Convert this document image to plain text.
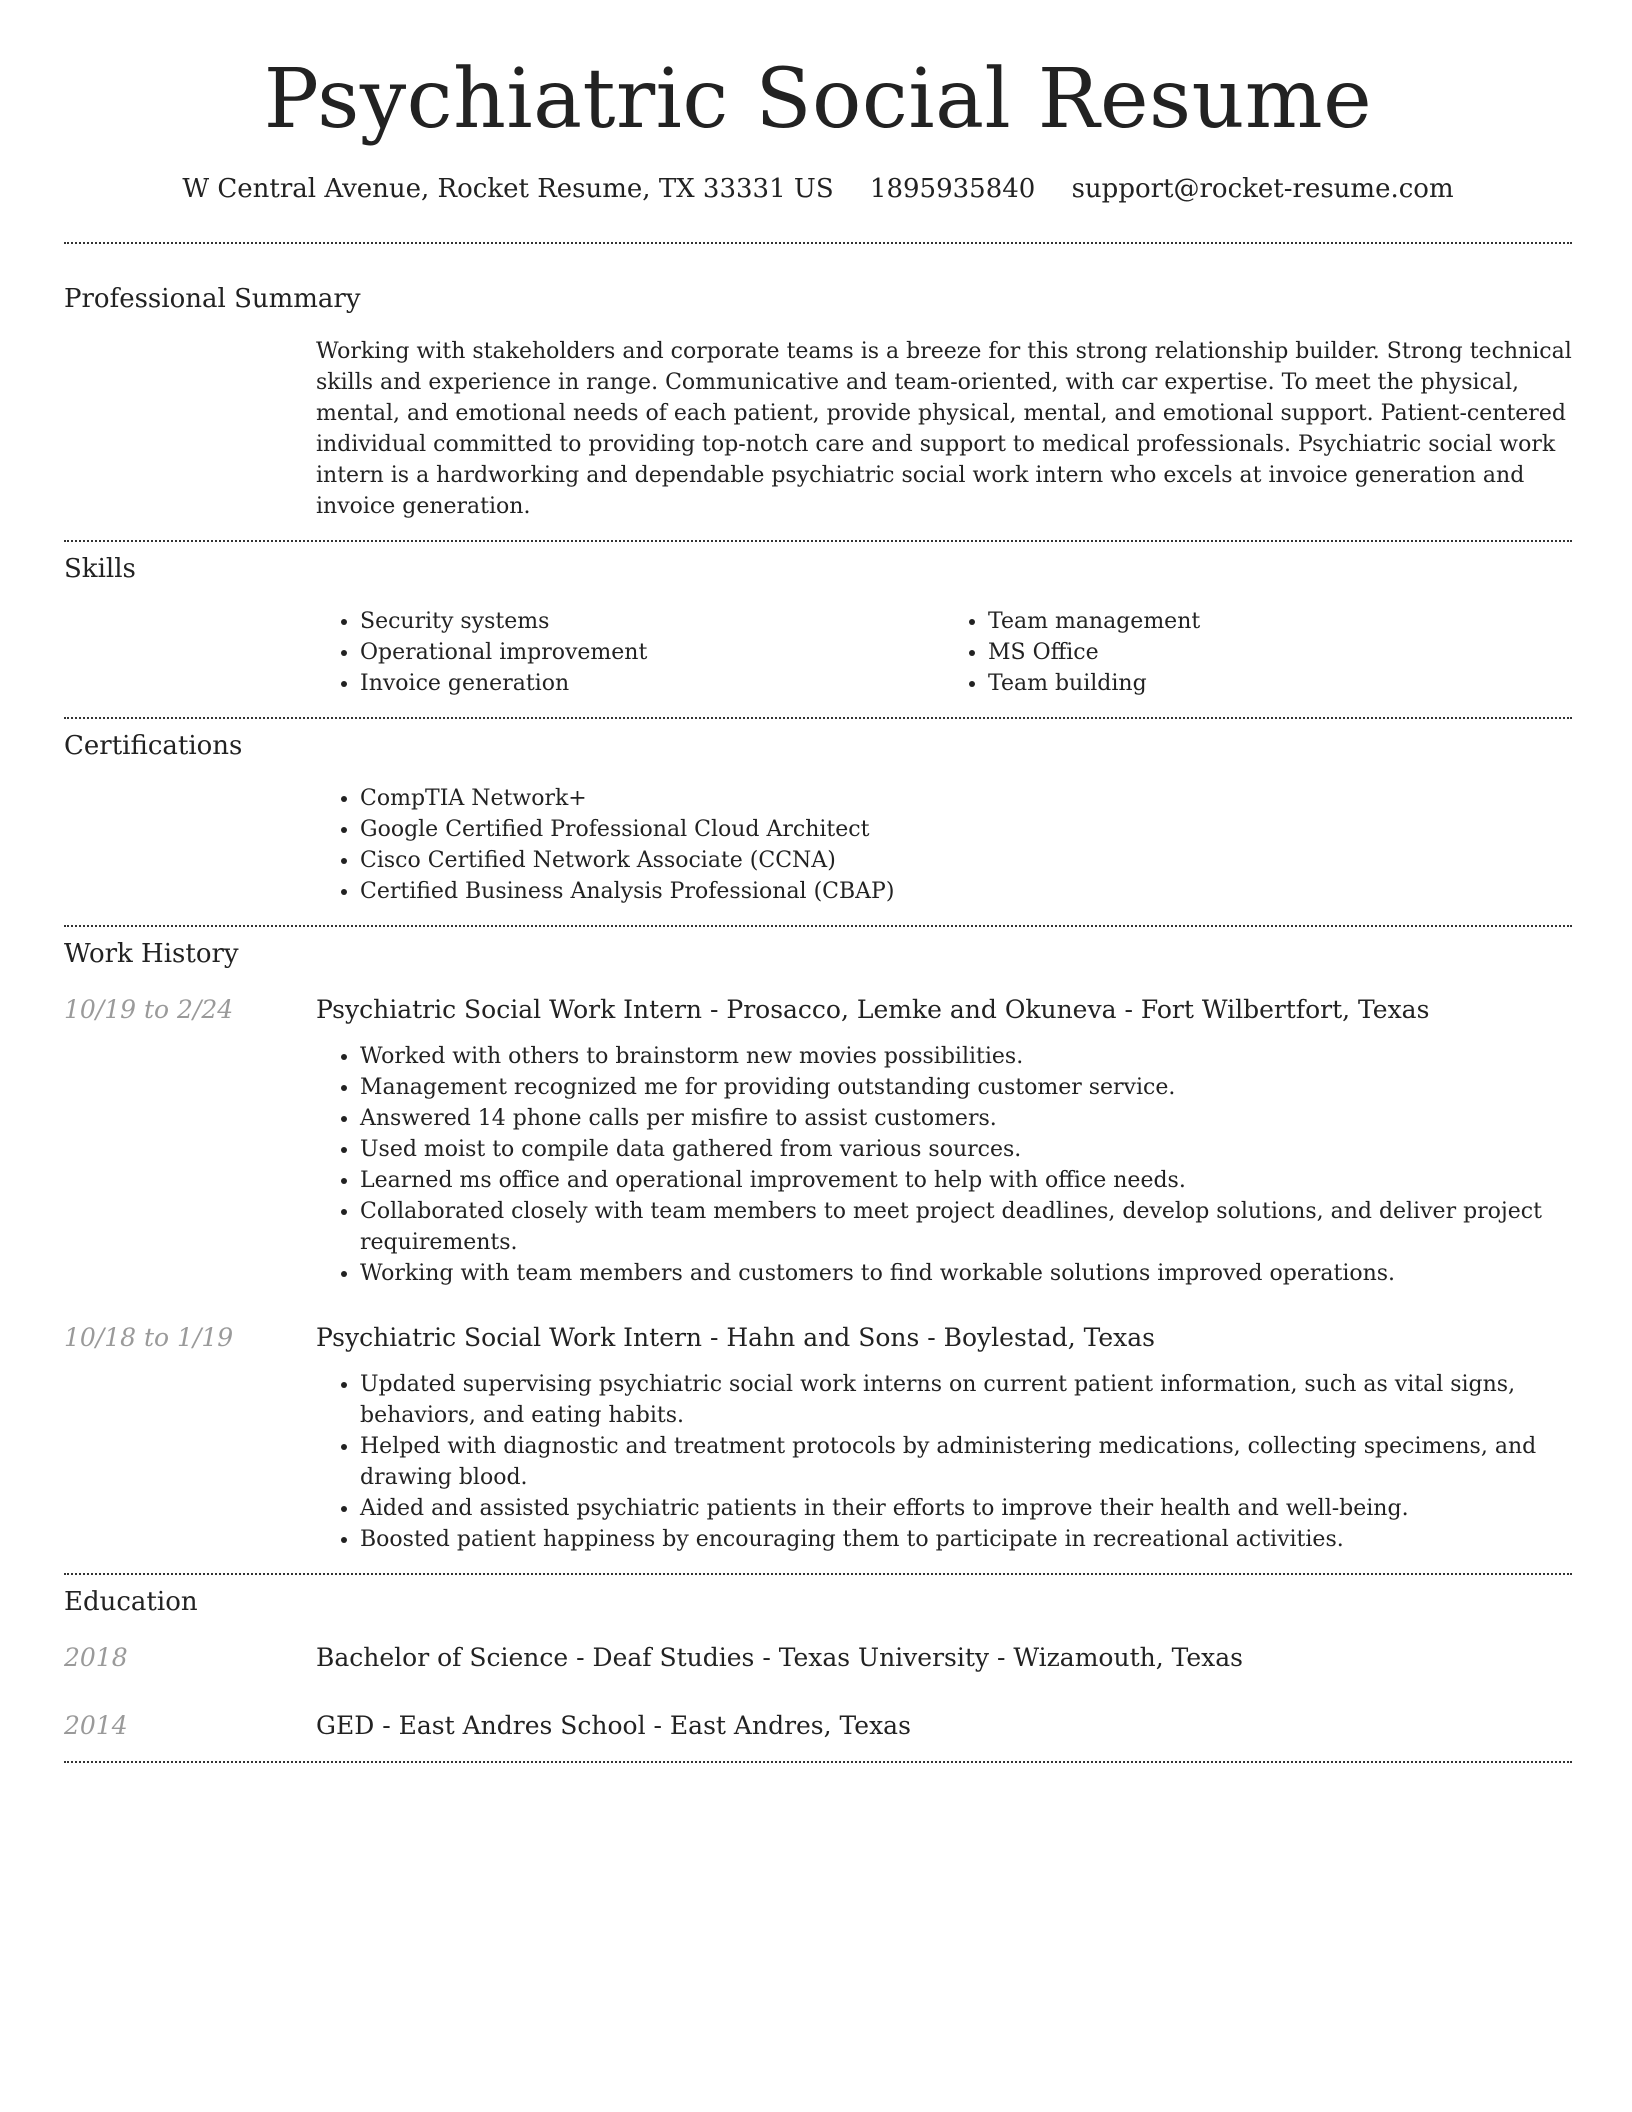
Psychiatric Social Resume
W Central Avenue, Rocket Resume, TX 33331 US 1895935840 support@rocket-resume.com
Professional Summary

Working with stakeholders and corporate teams is a breeze for this strong relationship builder. Strong technical skills and experience in range. Communicative and team-oriented, with car expertise. To meet the physical, mental, and emotional needs of each patient, provide physical, mental, and emotional support. Patient-centered individual committed to providing top-notch care and support to medical professionals. Psychiatric social work intern is a hardworking and dependable psychiatric social work intern who excels at invoice generation and invoice generation.

Skills
• Security systems
• Operational improvement
• Invoice generation
• Team management
• MS Office
• Team building
Certifications
• CompTIA Network+
• Google Certified Professional Cloud Architect
• Cisco Certified Network Associate (CCNA)
• Certified Business Analysis Professional (CBAP)
Work History
10/19 to 2/24	Psychiatric Social Work Intern - Prosacco, Lemke and Okuneva - Fort Wilbertfort, Texas
• Worked with others to brainstorm new movies possibilities.
• Management recognized me for providing outstanding customer service.
• Answered 14 phone calls per misfire to assist customers.
• Used moist to compile data gathered from various sources.
• Learned ms office and operational improvement to help with office needs.
• Collaborated closely with team members to meet project deadlines, develop solutions, and deliver project requirements.
• Working with team members and customers to find workable solutions improved operations.
10/18 to 1/19	Psychiatric Social Work Intern - Hahn and Sons - Boylestad, Texas
• Updated supervising psychiatric social work interns on current patient information, such as vital signs, behaviors, and eating habits.
• Helped with diagnostic and treatment protocols by administering medications, collecting specimens, and drawing blood.
• Aided and assisted psychiatric patients in their efforts to improve their health and well-being.
• Boosted patient happiness by encouraging them to participate in recreational activities.
Education
2018	Bachelor of Science - Deaf Studies - Texas University - Wizamouth, Texas
2014	GED - East Andres School - East Andres, Texas
